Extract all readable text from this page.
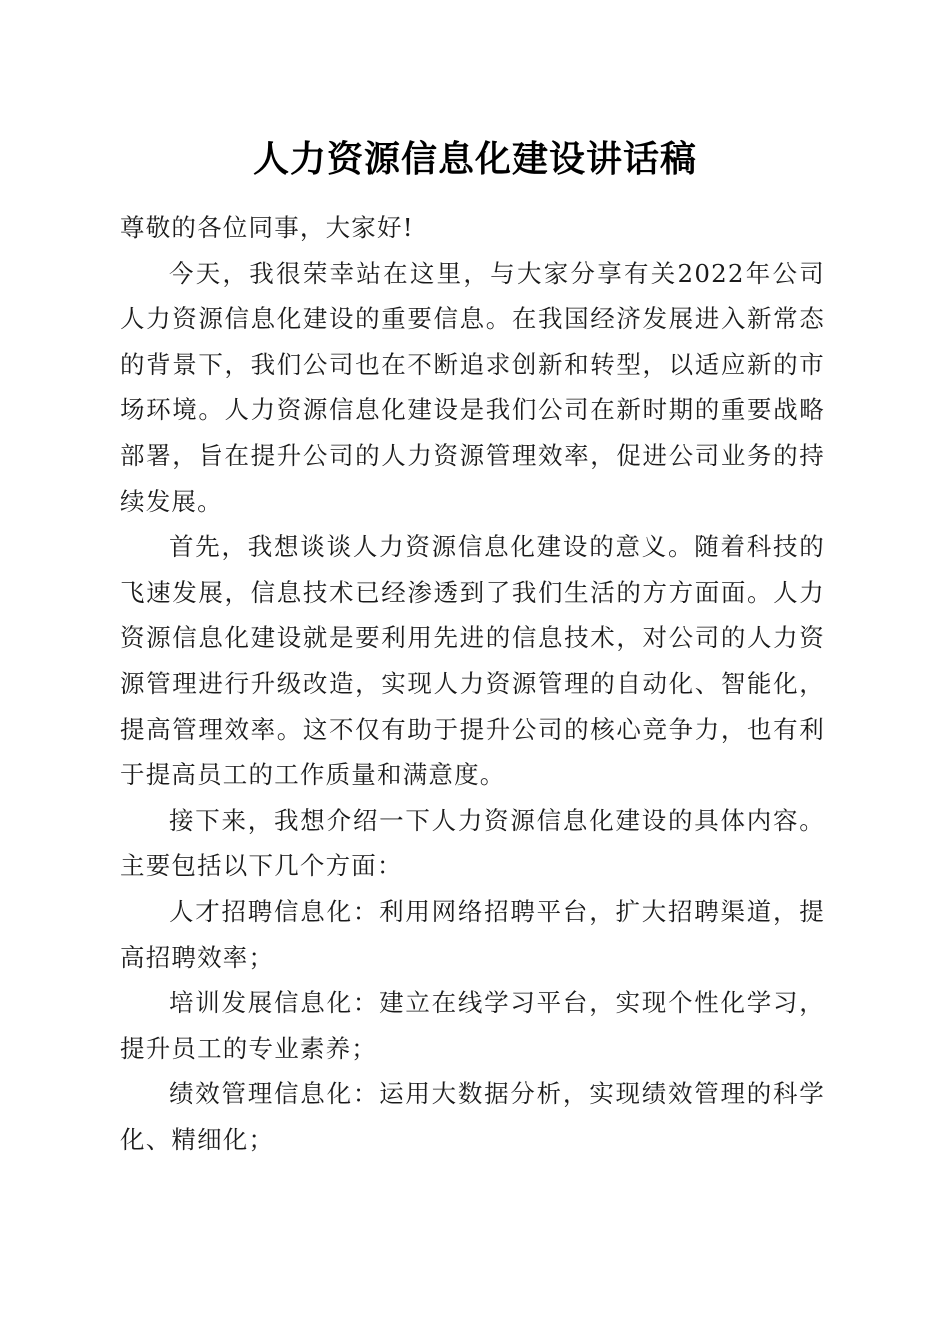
人力资源信息化建设讲话稿

尊敬的各位同事，大家好!

今天，我很荣幸站在这里，与大家分享有关2022年公司人力资源信息化建设的重要信息。在我国经济发展进入新常态的背景下，我们公司也在不断追求创新和转型，以适应新的市场环境。人力资源信息化建设是我们公司在新时期的重要战略部署，旨在提升公司的人力资源管理效率，促进公司业务的持续发展。

首先，我想谈谈人力资源信息化建设的意义。随着科技的飞速发展，信息技术已经渗透到了我们生活的方方面面。人力资源信息化建设就是要利用先进的信息技术，对公司的人力资源管理进行升级改造，实现人力资源管理的自动化、智能化，提高管理效率。这不仅有助于提升公司的核心竞争力，也有利于提高员工的工作质量和满意度。

接下来，我想介绍一下人力资源信息化建设的具体内容。主要包括以下几个方面：

人才招聘信息化：利用网络招聘平台，扩大招聘渠道，提高招聘效率；

培训发展信息化：建立在线学习平台，实现个性化学习，提升员工的专业素养；

绩效管理信息化：运用大数据分析，实现绩效管理的科学化、精细化；
